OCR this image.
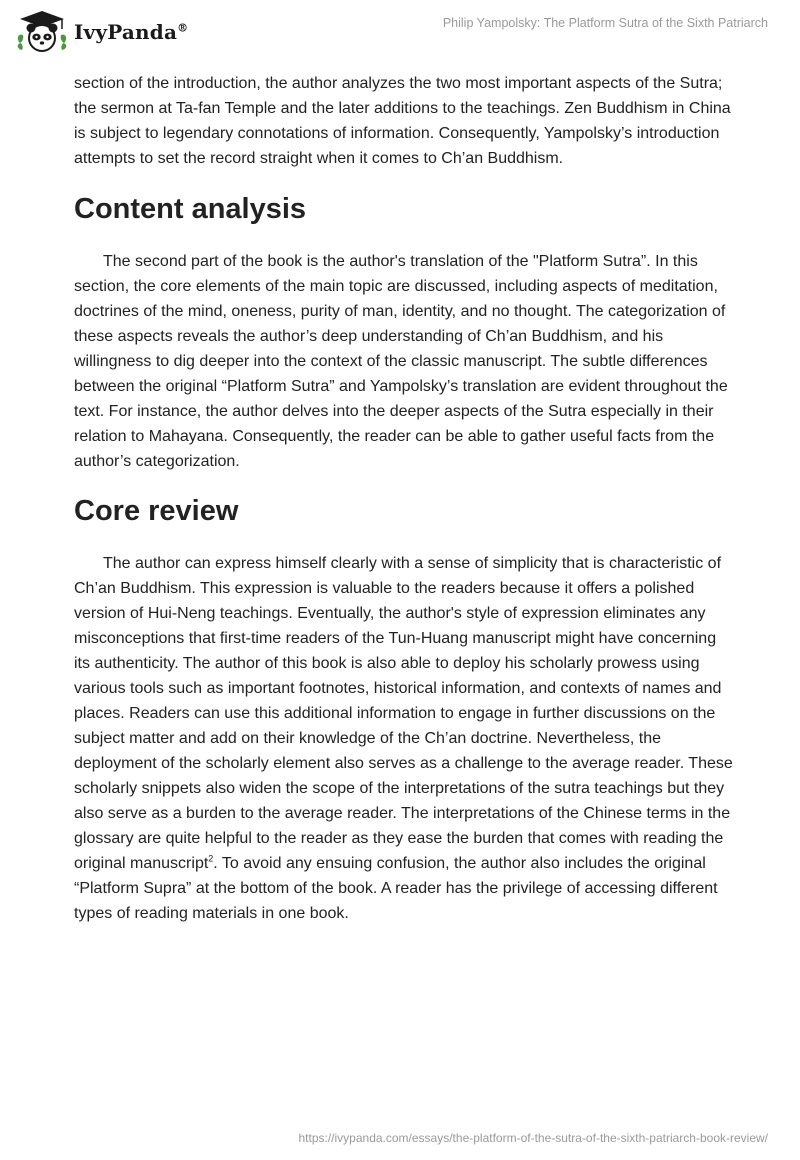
IvyPanda®	Philip Yampolsky: The Platform Sutra of the Sixth Patriarch

section of the introduction, the author analyzes the two most important aspects of the Sutra; the sermon at Ta-fan Temple and the later additions to the teachings. Zen Buddhism in China is subject to legendary connotations of information. Consequently, Yampolsky’s introduction attempts to set the record straight when it comes to Ch’an Buddhism.

Content analysis

The second part of the book is the author's translation of the "Platform Sutra”. In this section, the core elements of the main topic are discussed, including aspects of meditation, doctrines of the mind, oneness, purity of man, identity, and no thought. The categorization of these aspects reveals the author’s deep understanding of Ch’an Buddhism, and his willingness to dig deeper into the context of the classic manuscript. The subtle differences between the original “Platform Sutra” and Yampolsky’s translation are evident throughout the text. For instance, the author delves into the deeper aspects of the Sutra especially in their relation to Mahayana. Consequently, the reader can be able to gather useful facts from the author’s categorization.

Core review

The author can express himself clearly with a sense of simplicity that is characteristic of Ch’an Buddhism. This expression is valuable to the readers because it offers a polished version of Hui-Neng teachings. Eventually, the author's style of expression eliminates any misconceptions that first-time readers of the Tun-Huang manuscript might have concerning its authenticity. The author of this book is also able to deploy his scholarly prowess using various tools such as important footnotes, historical information, and contexts of names and places. Readers can use this additional information to engage in further discussions on the subject matter and add on their knowledge of the Ch’an doctrine. Nevertheless, the deployment of the scholarly element also serves as a challenge to the average reader. These scholarly snippets also widen the scope of the interpretations of the sutra teachings but they also serve as a burden to the average reader. The interpretations of the Chinese terms in the glossary are quite helpful to the reader as they ease the burden that comes with reading the original manuscript$^2$. To avoid any ensuing confusion, the author also includes the original “Platform Supra” at the bottom of the book. A reader has the privilege of accessing different types of reading materials in one book.

https://ivypanda.com/essays/the-platform-of-the-sutra-of-the-sixth-patriarch-book-review/
